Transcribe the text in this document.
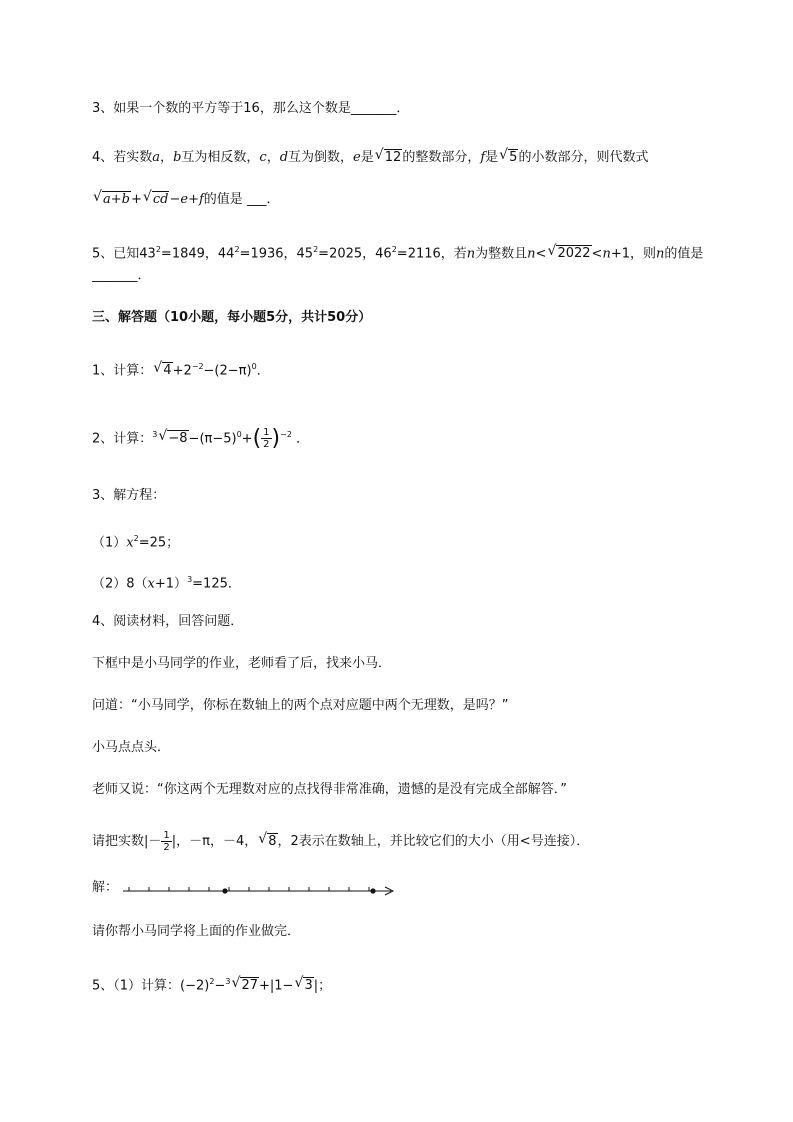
3、如果一个数的平方等于16，那么这个数是_______．
4、若实数a，b互为相反数，c，d互为倒数，e是 √ 12的整数部分，f是 √ 5的小数部分，则代数式
√ a+b+ √ cd−e+f的值是 ___．
5、已知$43^2=1849$，$44^2=1936$，$45^2=2025$，$46^2=2116$，若n为整数且n< √ 2022<n+1，则n的值是
_______．
三、解答题（10小题，每小题5分，共计50分）
1、计算： √ $4+2^{-2}-(2-\pi)^0$．
2、计算：$^3$ √ $-8-(\pi-5)^0+( \frac{1}{2} )^{-2}$ ．
3、解方程：
$(1)x^2=25$；
$(2)8(x+1)^3=125$．
4、阅读材料，回答问题．
下框中是小马同学的作业，老师看了后，找来小马．
问道：“小马同学，你标在数轴上的两个点对应题中两个无理数，是吗？”
小马点点头．
老师又说：“你这两个无理数对应的点找得非常准确，遗憾的是没有完成全部解答．”
请把实数|－ $\frac{1}{2}$ |，－π，－4， √ 8，2表示在数轴上，并比较它们的大小（用<号连接）．
解：
请你帮小马同学将上面的作业做完．
5、（1）计算：$(-2)^2-^3$ √ 27+|1− √ 3|；
